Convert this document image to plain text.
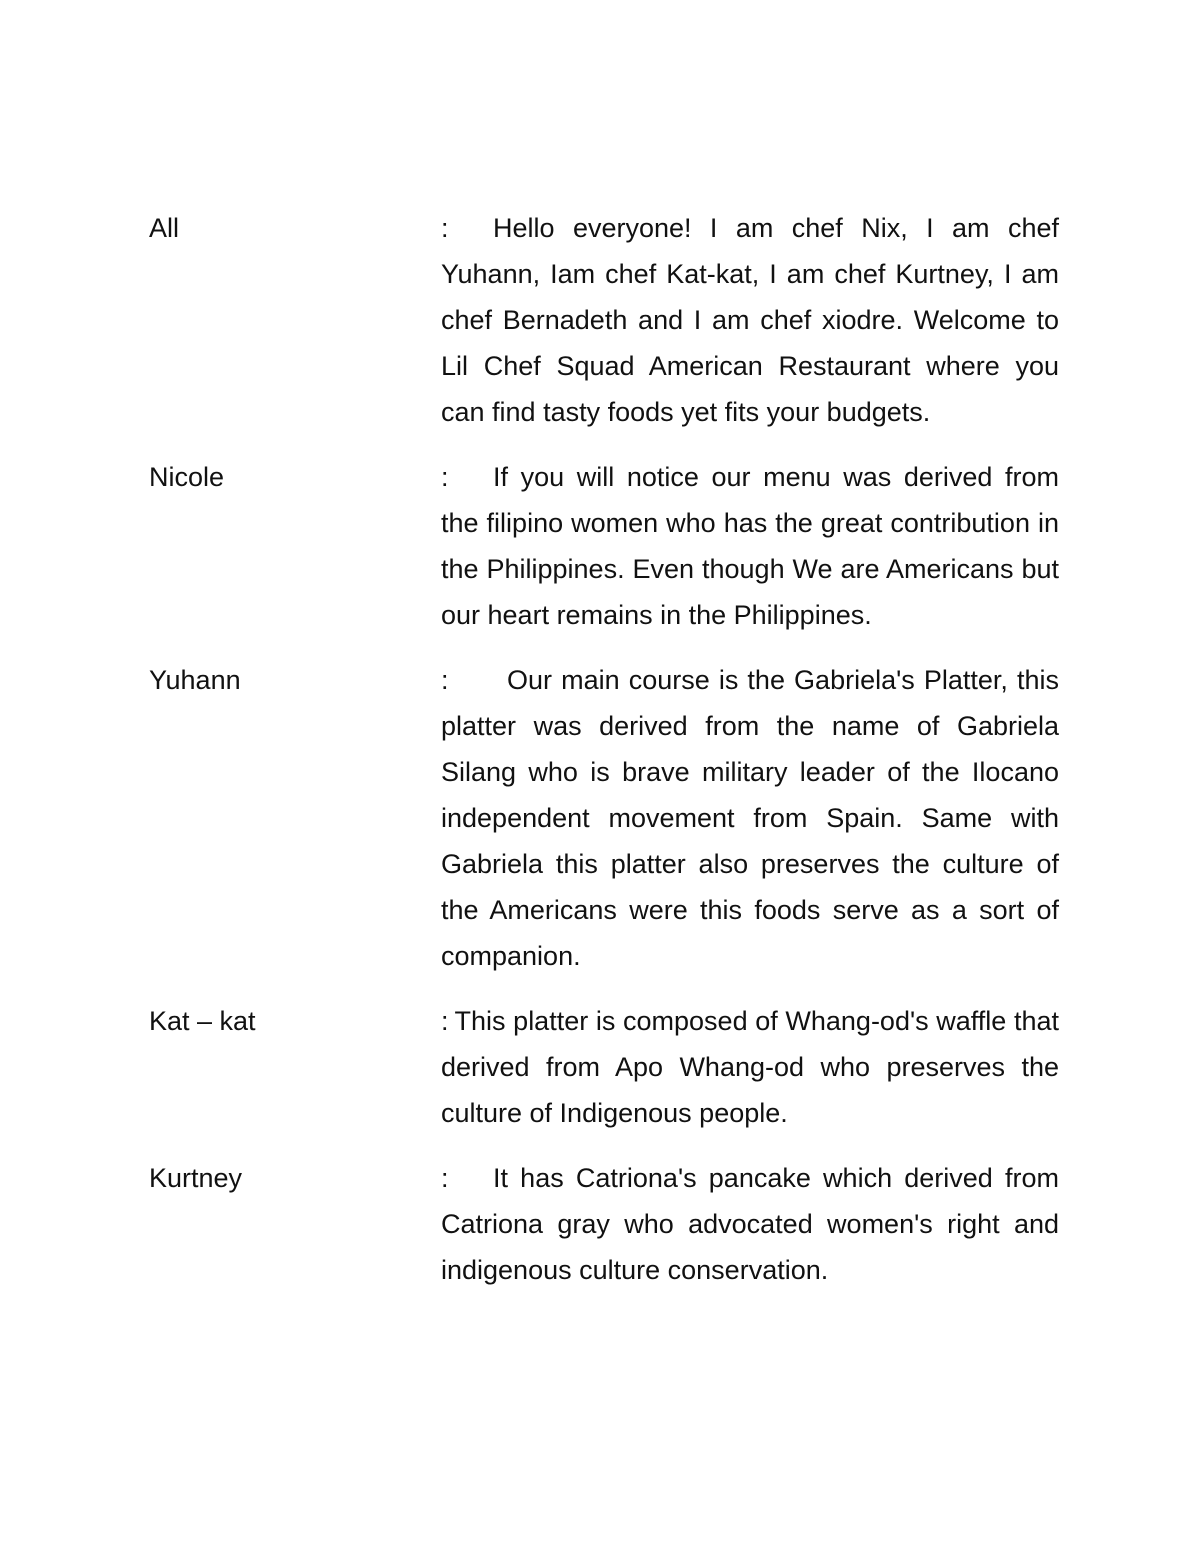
All	: Hello everyone! I am chef Nix, I am chef Yuhann, Iam chef Kat-kat, I am chef Kurtney, I am chef Bernadeth and I am chef xiodre. Welcome to Lil Chef Squad American Restaurant where you can find tasty foods yet fits your budgets.
Nicole	: If you will notice our menu was derived from the filipino women who has the great contribution in the Philippines. Even though We are Americans but our heart remains in the Philippines.
Yuhann	: Our main course is the Gabriela's Platter, this platter was derived from the name of Gabriela Silang who is brave military leader of the Ilocano independent movement from Spain. Same with Gabriela this platter also preserves the culture of the Americans were this foods serve as a sort of companion.
Kat – kat	: This platter is composed of Whang-od's waffle that derived from Apo Whang-od who preserves the culture of Indigenous people.
Kurtney	: It has Catriona's pancake which derived from Catriona gray who advocated women's right and indigenous culture conservation.
